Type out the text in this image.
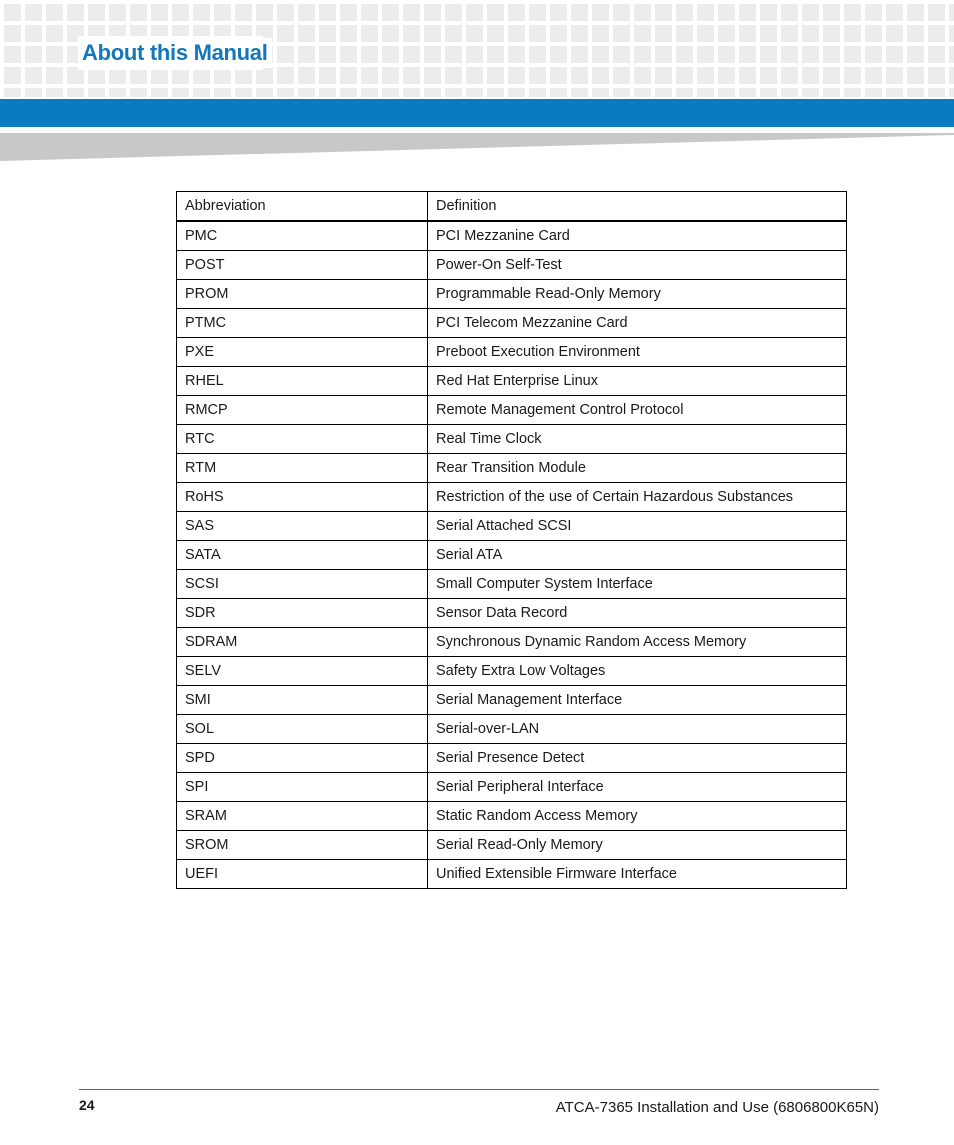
About this Manual
Abbreviation	Definition
PMC	PCI Mezzanine Card
POST	Power-On Self-Test
PROM	Programmable Read-Only Memory
PTMC	PCI Telecom Mezzanine Card
PXE	Preboot Execution Environment
RHEL	Red Hat Enterprise Linux
RMCP	Remote Management Control Protocol
RTC	Real Time Clock
RTM	Rear Transition Module
RoHS	Restriction of the use of Certain Hazardous Substances
SAS	Serial Attached SCSI
SATA	Serial ATA
SCSI	Small Computer System Interface
SDR	Sensor Data Record
SDRAM	Synchronous Dynamic Random Access Memory
SELV	Safety Extra Low Voltages
SMI	Serial Management Interface
SOL	Serial-over-LAN
SPD	Serial Presence Detect
SPI	Serial Peripheral Interface
SRAM	Static Random Access Memory
SROM	Serial Read-Only Memory
UEFI	Unified Extensible Firmware Interface
24	ATCA-7365 Installation and Use (6806800K65N)
